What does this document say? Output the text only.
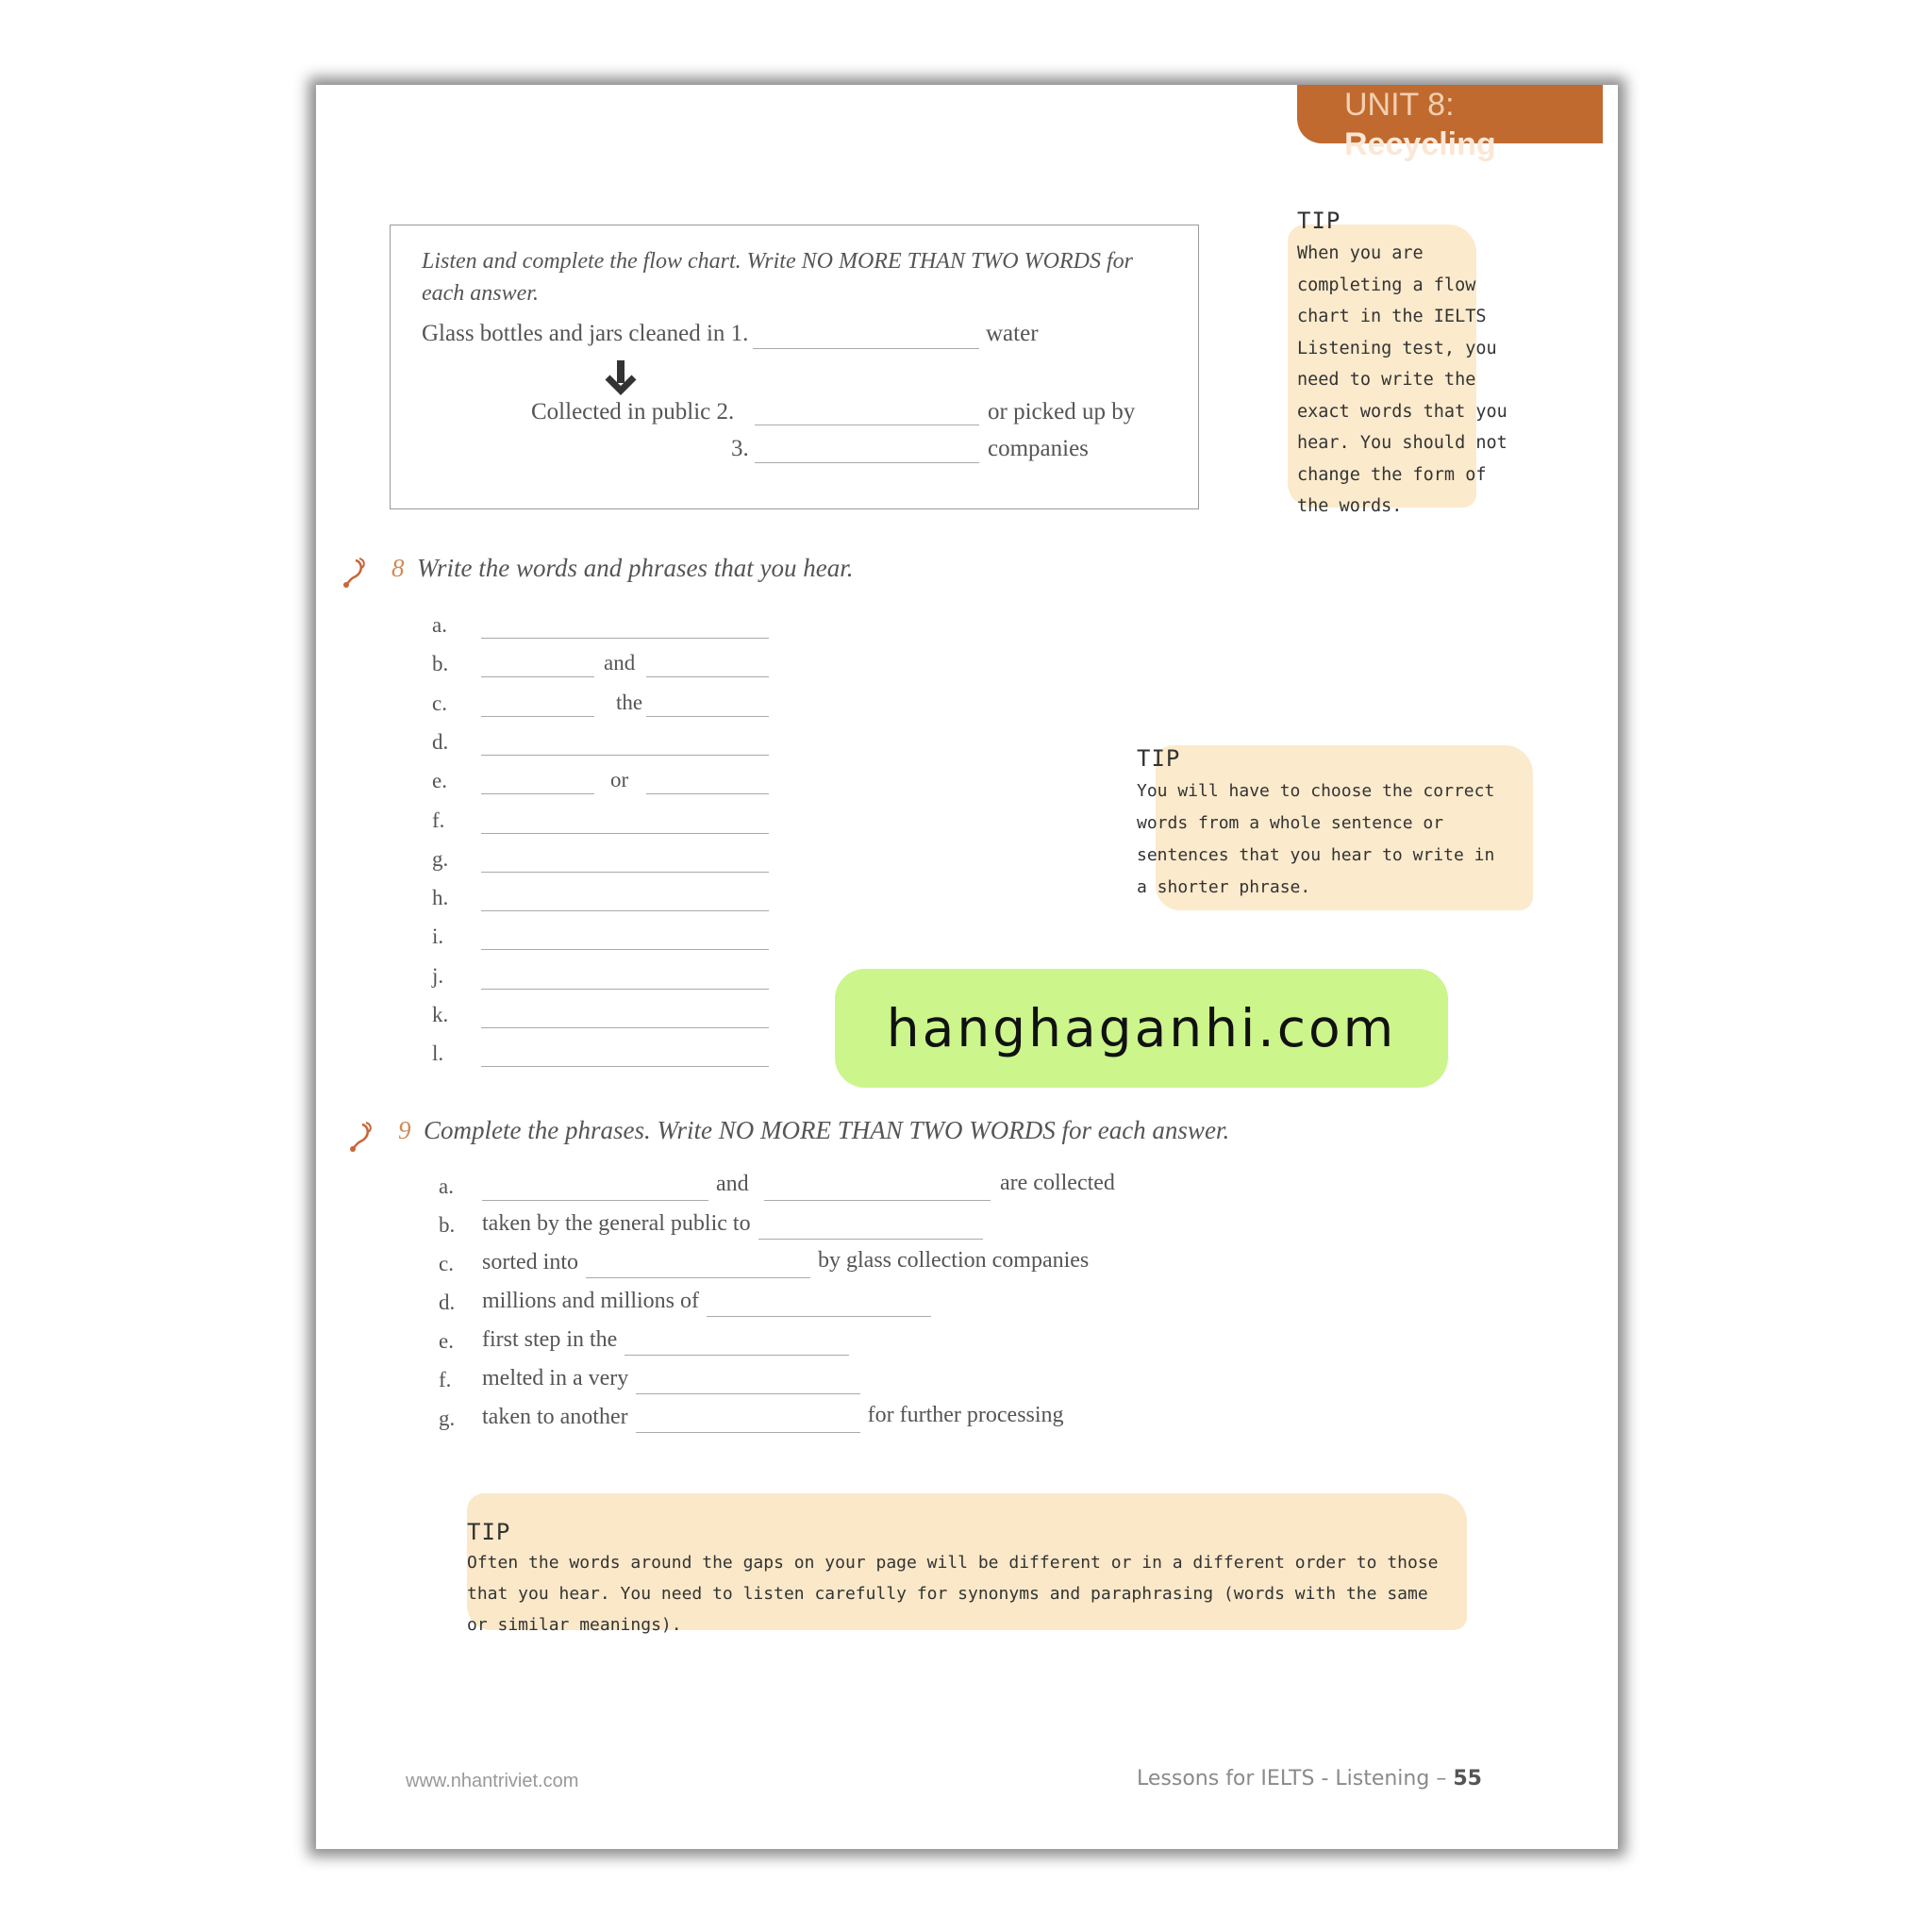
UNIT 8: Recycling
Listen and complete the flow chart. Write NO MORE THAN TWO WORDS for each answer.
Glass bottles and jars cleaned in 1.	water
Collected in public 2.	or picked up by
3.	companies
TIP
When you are completing a flow chart in the IELTS Listening test, you need to write the exact words that you hear. You should not change the form of the words.
8 Write the words and phrases that you hear.
TIP
You will have to choose the correct words from a whole sentence or sentences that you hear to write in a shorter phrase.
hanghaganhi.com
9 Complete the phrases. Write NO MORE THAN TWO WORDS for each answer.
TIP
Often the words around the gaps on your page will be different or in a different order to those that you hear. You need to listen carefully for synonyms and paraphrasing (words with the same or similar meanings).
www.nhantriviet.com	Lessons for IELTS - Listening – 55
a.
b.	and
c.	the
d.
e.	or
f.
g.
h.
i.
j.
k.
l.
a.	and	are collected
b. taken by the general public to
c. sorted into	by glass collection companies
d. millions and millions of
e. first step in the
f. melted in a very
g. taken to another	for further processing
